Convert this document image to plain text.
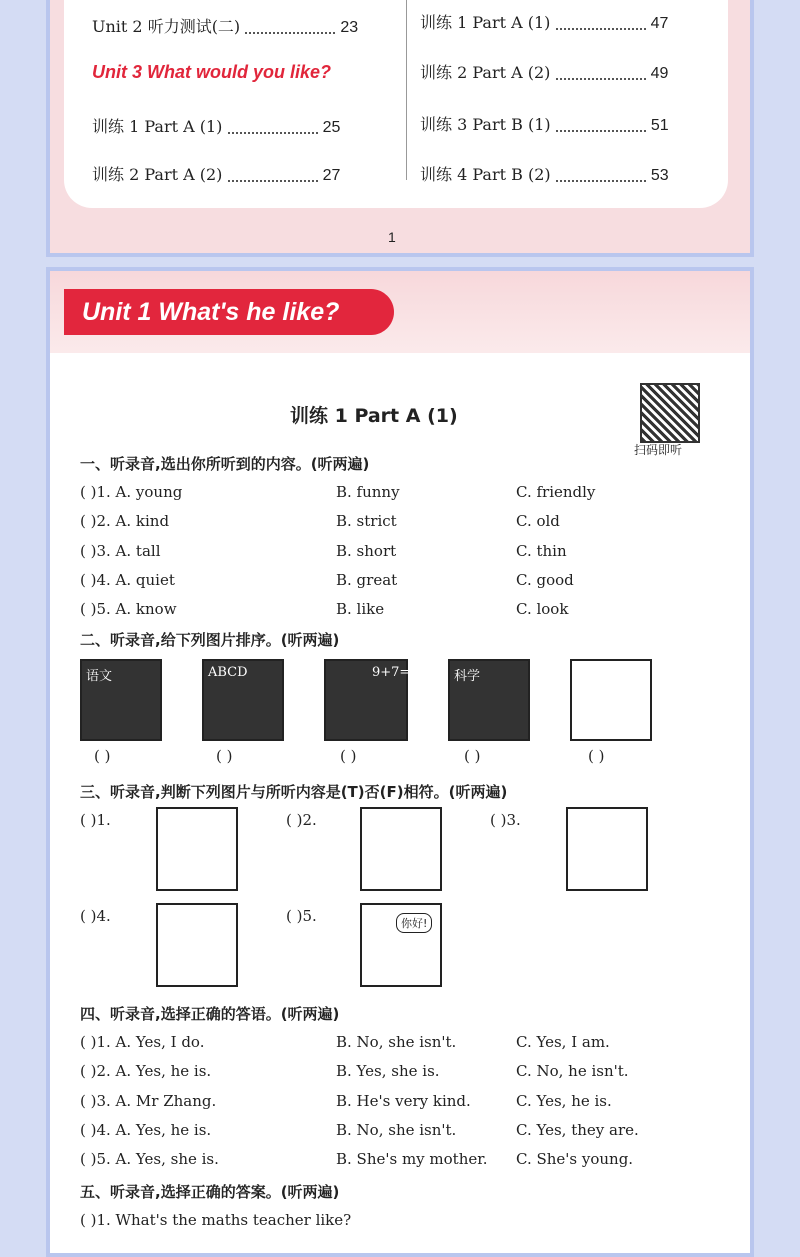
Unit 2 听力测试(二)	23
Unit 3 What would you like?
训练 1 Part A (1)	25
训练 2 Part A (2)	27
训练 1 Part A (1)	47
训练 2 Part A (2)	49
训练 3 Part B (1)	51
训练 4 Part B (2)	53
1
Unit 1 What's he like?
训练 1 Part A (1)
扫码即听
一、听录音,选出你所听到的内容。(听两遍)
( )1. A. young	B. funny	C. friendly
( )2. A. kind	B. strict	C. old
( )3. A. tall	B. short	C. thin
( )4. A. quiet	B. great	C. good
( )5. A. know	B. like	C. look
二、听录音,给下列图片排序。(听两遍)
语文	ABCD	9+7=	科学
( )	( )	( )	( )	( )
三、听录音,判断下列图片与所听内容是(T)否(F)相符。(听两遍)
( )1.	( )2.	( )3.
( )4.	( )5.	你好!
四、听录音,选择正确的答语。(听两遍)
( )1. A. Yes, I do.	B. No, she isn't.	C. Yes, I am.
( )2. A. Yes, he is.	B. Yes, she is.	C. No, he isn't.
( )3. A. Mr Zhang.	B. He's very kind.	C. Yes, he is.
( )4. A. Yes, he is.	B. No, she isn't.	C. Yes, they are.
( )5. A. Yes, she is.	B. She's my mother. C. She's young.
五、听录音,选择正确的答案。(听两遍)
( )1. What's the maths teacher like?
